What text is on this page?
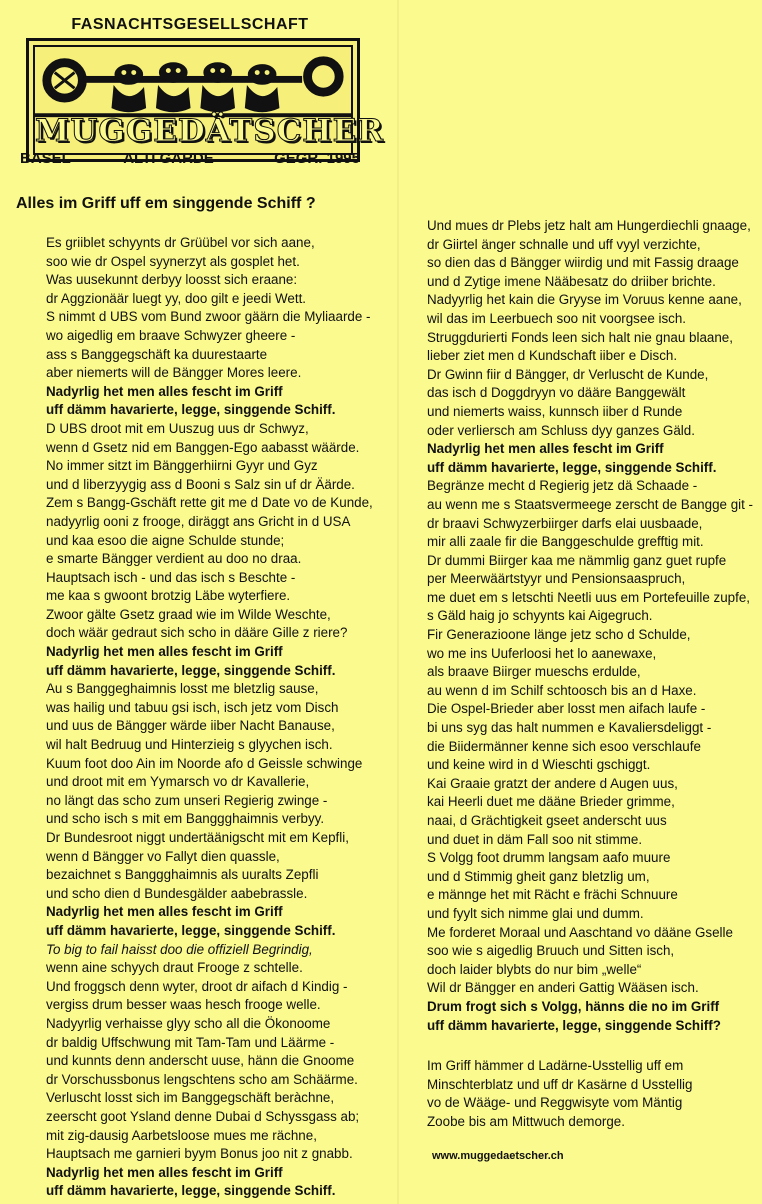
FASNACHTSGESELLSCHAFT
MUGGEDÄTSCHER
BASEL	ALTI GARDE	GEGR. 1995
Alles im Griff uff em singgende Schiff ?
Es griiblet schyynts dr Grüübel vor sich aane,
soo wie dr Ospel syynerzyt als gosplet het.
Was uusekunnt derbyy loosst sich eraane:
dr Aggzionäär luegt yy, doo gilt e jeedi Wett.
S nimmt d UBS vom Bund zwoor gäärn die Myliaarde -
wo aigedlig em braave Schwyzer gheere -
ass s Banggegschäft ka duurestaarte
aber niemerts will de Bängger Mores leere.
Nadyrlig het men alles fescht im Griff
uff dämm havarierte, legge, singgende Schiff.
D UBS droot mit em Uuszug uus dr Schwyz,
wenn d Gsetz nid em Banggen-Ego aabasst wäärde.
No immer sitzt im Bänggerhiirni Gyyr und Gyz
und d liberzyygig ass d Booni s Salz sin uf dr Äärde.
Zem s Bangg-Gschäft rette git me d Date vo de Kunde,
nadyyrlig ooni z frooge, diräggt ans Gricht in d USA
und kaa esoo die aigne Schulde stunde;
e smarte Bängger verdient au doo no draa.
Hauptsach isch - und das isch s Beschte -
me kaa s gwoont brotzig Läbe wyterfiere.
Zwoor gälte Gsetz graad wie im Wilde Weschte,
doch wäär gedraut sich scho in dääre Gille z riere?
Nadyrlig het men alles fescht im Griff
uff dämm havarierte, legge, singgende Schiff.
Au s Banggeghaimnis losst me bletzlig sause,
was hailig und tabuu gsi isch, isch jetz vom Disch
und uus de Bängger wärde iiber Nacht Banause,
wil halt Bedruug und Hinterzieig s glyychen isch.
Kuum foot doo Ain im Noorde afo d Geissle schwinge
und droot mit em Yymarsch vo dr Kavallerie,
no längt das scho zum unseri Regierig zwinge -
und scho isch s mit em Banggghaimnis verbyy.
Dr Bundesroot niggt undertäänigscht mit em Kepfli,
wenn d Bängger vo Fallyt dien quassle,
bezaichnet s Banggghaimnis als uuralts Zepfli
und scho dien d Bundesgälder aabebrassle.
Nadyrlig het men alles fescht im Griff
uff dämm havarierte, legge, singgende Schiff.
To big to fail haisst doo die offiziell Begrindig,
wenn aine schyych draut Frooge z schtelle.
Und froggsch denn wyter, droot dr aifach d Kindig -
vergiss drum besser waas hesch frooge welle.
Nadyyrlig verhaisse glyy scho all die Ökonoome
dr baldig Uffschwung mit Tam-Tam und Läärme -
und kunnts denn anderscht uuse, hänn die Gnoome
dr Vorschussbonus lengschtens scho am Schäärme.
Verluscht losst sich im Banggegschäft beràchne,
zeerscht goot Ysland denne Dubai d Schyssgass ab;
mit zig-dausig Aarbetsloose mues me rächne,
Hauptsach me garnieri byym Bonus joo nit z gnabb.
Nadyrlig het men alles fescht im Griff
uff dämm havarierte, legge, singgende Schiff.
Und mues dr Plebs jetz halt am Hungerdiechli gnaage,
dr Giirtel änger schnalle und uff vyyl verzichte,
so dien das d Bängger wiirdig und mit Fassig draage
und d Zytige imene Nääbesatz do driiber brichte.
Nadyyrlig het kain die Gryyse im Voruus kenne aane,
wil das im Leerbuech soo nit voorgsee isch.
Struggdurierti Fonds leen sich halt nie gnau blaane,
lieber ziet men d Kundschaft iiber e Disch.
Dr Gwinn fiir d Bängger, dr Verluscht de Kunde,
das isch d Doggdryyn vo dääre Banggewält
und niemerts waiss, kunnsch iiber d Runde
oder verliersch am Schluss dyy ganzes Gäld.
Nadyrlig het men alles fescht im Griff
uff dämm havarierte, legge, singgende Schiff.
Begränze mecht d Regierig jetz dä Schaade -
au wenn me s Staatsvermeege zerscht de Bangge git -
dr braavi Schwyzerbiirger darfs elai uusbaade,
mir alli zaale fir die Banggeschulde grefftig mit.
Dr dummi Biirger kaa me nämmlig ganz guet rupfe
per Meerwäärtstyyr und Pensionsaaspruch,
me duet em s letschti Neetli uus em Portefeuille zupfe,
s Gäld haig jo schyynts kai Aigegruch.
Fir Generazioone länge jetz scho d Schulde,
wo me ins Uuferloosi het lo aanewaxe,
als braave Biirger mueschs erdulde,
au wenn d im Schilf schtoosch bis an d Haxe.
Die Ospel-Brieder aber losst men aifach laufe -
bi uns syg das halt nummen e Kavaliersdeliggt -
die Biidermänner kenne sich esoo verschlaufe
und keine wird in d Wieschti gschiggt.
Kai Graaie gratzt der andere d Augen uus,
kai Heerli duet me dääne Brieder grimme,
naai, d Grächtigkeit gseet anderscht uus
und duet in däm Fall soo nit stimme.
S Volgg foot drumm langsam aafo muure
und d Stimmig gheit ganz bletzlig um,
e männge het mit Rächt e frächi Schnuure
und fyylt sich nimme glai und dumm.
Me forderet Moraal und Aaschtand vo dääne Gselle
soo wie s aigedlig Bruuch und Sitten isch,
doch laider blybts do nur bim „welle“
Wil dr Bängger en anderi Gattig Wääsen isch.
Drum frogt sich s Volgg, hänns die no im Griff
uff dämm havarierte, legge, singgende Schiff?
Im Griff hämmer d Ladärne-Usstellig uff em
Minschterblatz und uff dr Kasärne d Usstellig
vo de Wääge- und Reggwisyte vom Mäntig
Zoobe bis am Mittwuch demorge.
www.muggedaetscher.ch
